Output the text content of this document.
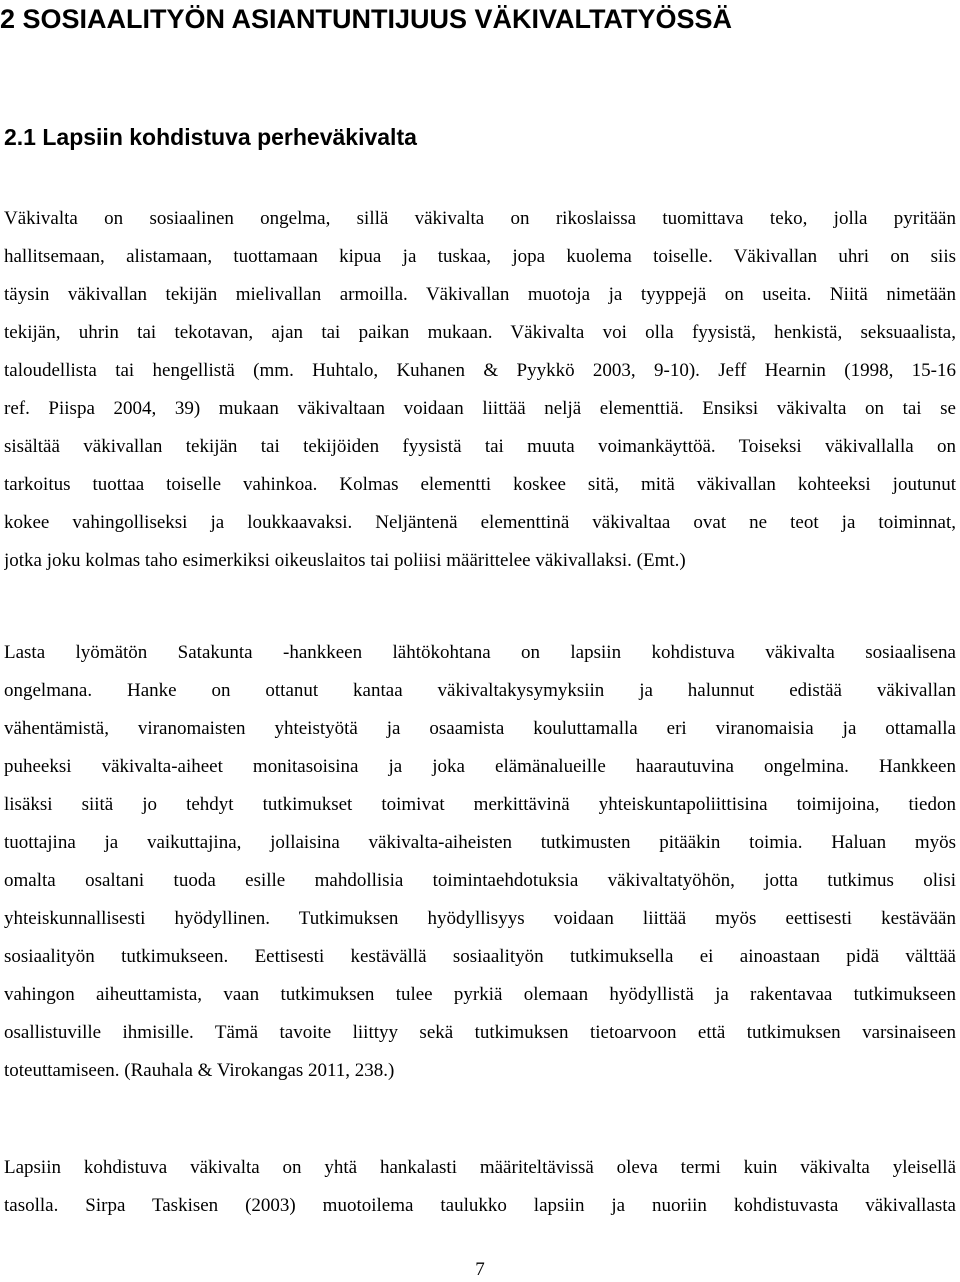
2 SOSIAALITYÖN ASIANTUNTIJUUS VÄKIVALTATYÖSSÄ
2.1 Lapsiin kohdistuva perheväkivalta
Väkivalta on sosiaalinen ongelma, sillä väkivalta on rikoslaissa tuomittava teko, jolla pyritään
hallitsemaan, alistamaan, tuottamaan kipua ja tuskaa, jopa kuolema toiselle. Väkivallan uhri on siis
täysin väkivallan tekijän mielivallan armoilla. Väkivallan muotoja ja tyyppejä on useita. Niitä nimetään
tekijän, uhrin tai tekotavan, ajan tai paikan mukaan. Väkivalta voi olla fyysistä, henkistä, seksuaalista,
taloudellista tai hengellistä (mm. Huhtalo, Kuhanen & Pyykkö 2003, 9-10). Jeff Hearnin (1998, 15-16
ref. Piispa 2004, 39) mukaan väkivaltaan voidaan liittää neljä elementtiä. Ensiksi väkivalta on tai se
sisältää väkivallan tekijän tai tekijöiden fyysistä tai muuta voimankäyttöä. Toiseksi väkivallalla on
tarkoitus tuottaa toiselle vahinkoa. Kolmas elementti koskee sitä, mitä väkivallan kohteeksi joutunut
kokee vahingolliseksi ja loukkaavaksi. Neljäntenä elementtinä väkivaltaa ovat ne teot ja toiminnat,
jotka joku kolmas taho esimerkiksi oikeuslaitos tai poliisi määrittelee väkivallaksi. (Emt.)
Lasta lyömätön Satakunta -hankkeen lähtökohtana on lapsiin kohdistuva väkivalta sosiaalisena
ongelmana. Hanke on ottanut kantaa väkivaltakysymyksiin ja halunnut edistää väkivallan
vähentämistä, viranomaisten yhteistyötä ja osaamista kouluttamalla eri viranomaisia ja ottamalla
puheeksi väkivalta-aiheet monitasoisina ja joka elämänalueille haarautuvina ongelmina. Hankkeen
lisäksi siitä jo tehdyt tutkimukset toimivat merkittävinä yhteiskuntapoliittisina toimijoina, tiedon
tuottajina ja vaikuttajina, jollaisina väkivalta-aiheisten tutkimusten pitääkin toimia. Haluan myös
omalta osaltani tuoda esille mahdollisia toimintaehdotuksia väkivaltatyöhön, jotta tutkimus olisi
yhteiskunnallisesti hyödyllinen. Tutkimuksen hyödyllisyys voidaan liittää myös eettisesti kestävään
sosiaalityön tutkimukseen. Eettisesti kestävällä sosiaalityön tutkimuksella ei ainoastaan pidä välttää
vahingon aiheuttamista, vaan tutkimuksen tulee pyrkiä olemaan hyödyllistä ja rakentavaa tutkimukseen
osallistuville ihmisille. Tämä tavoite liittyy sekä tutkimuksen tietoarvoon että tutkimuksen varsinaiseen
toteuttamiseen. (Rauhala & Virokangas 2011, 238.)
Lapsiin kohdistuva väkivalta on yhtä hankalasti määriteltävissä oleva termi kuin väkivalta yleisellä
tasolla. Sirpa Taskisen (2003) muotoilema taulukko lapsiin ja nuoriin kohdistuvasta väkivallasta
7
